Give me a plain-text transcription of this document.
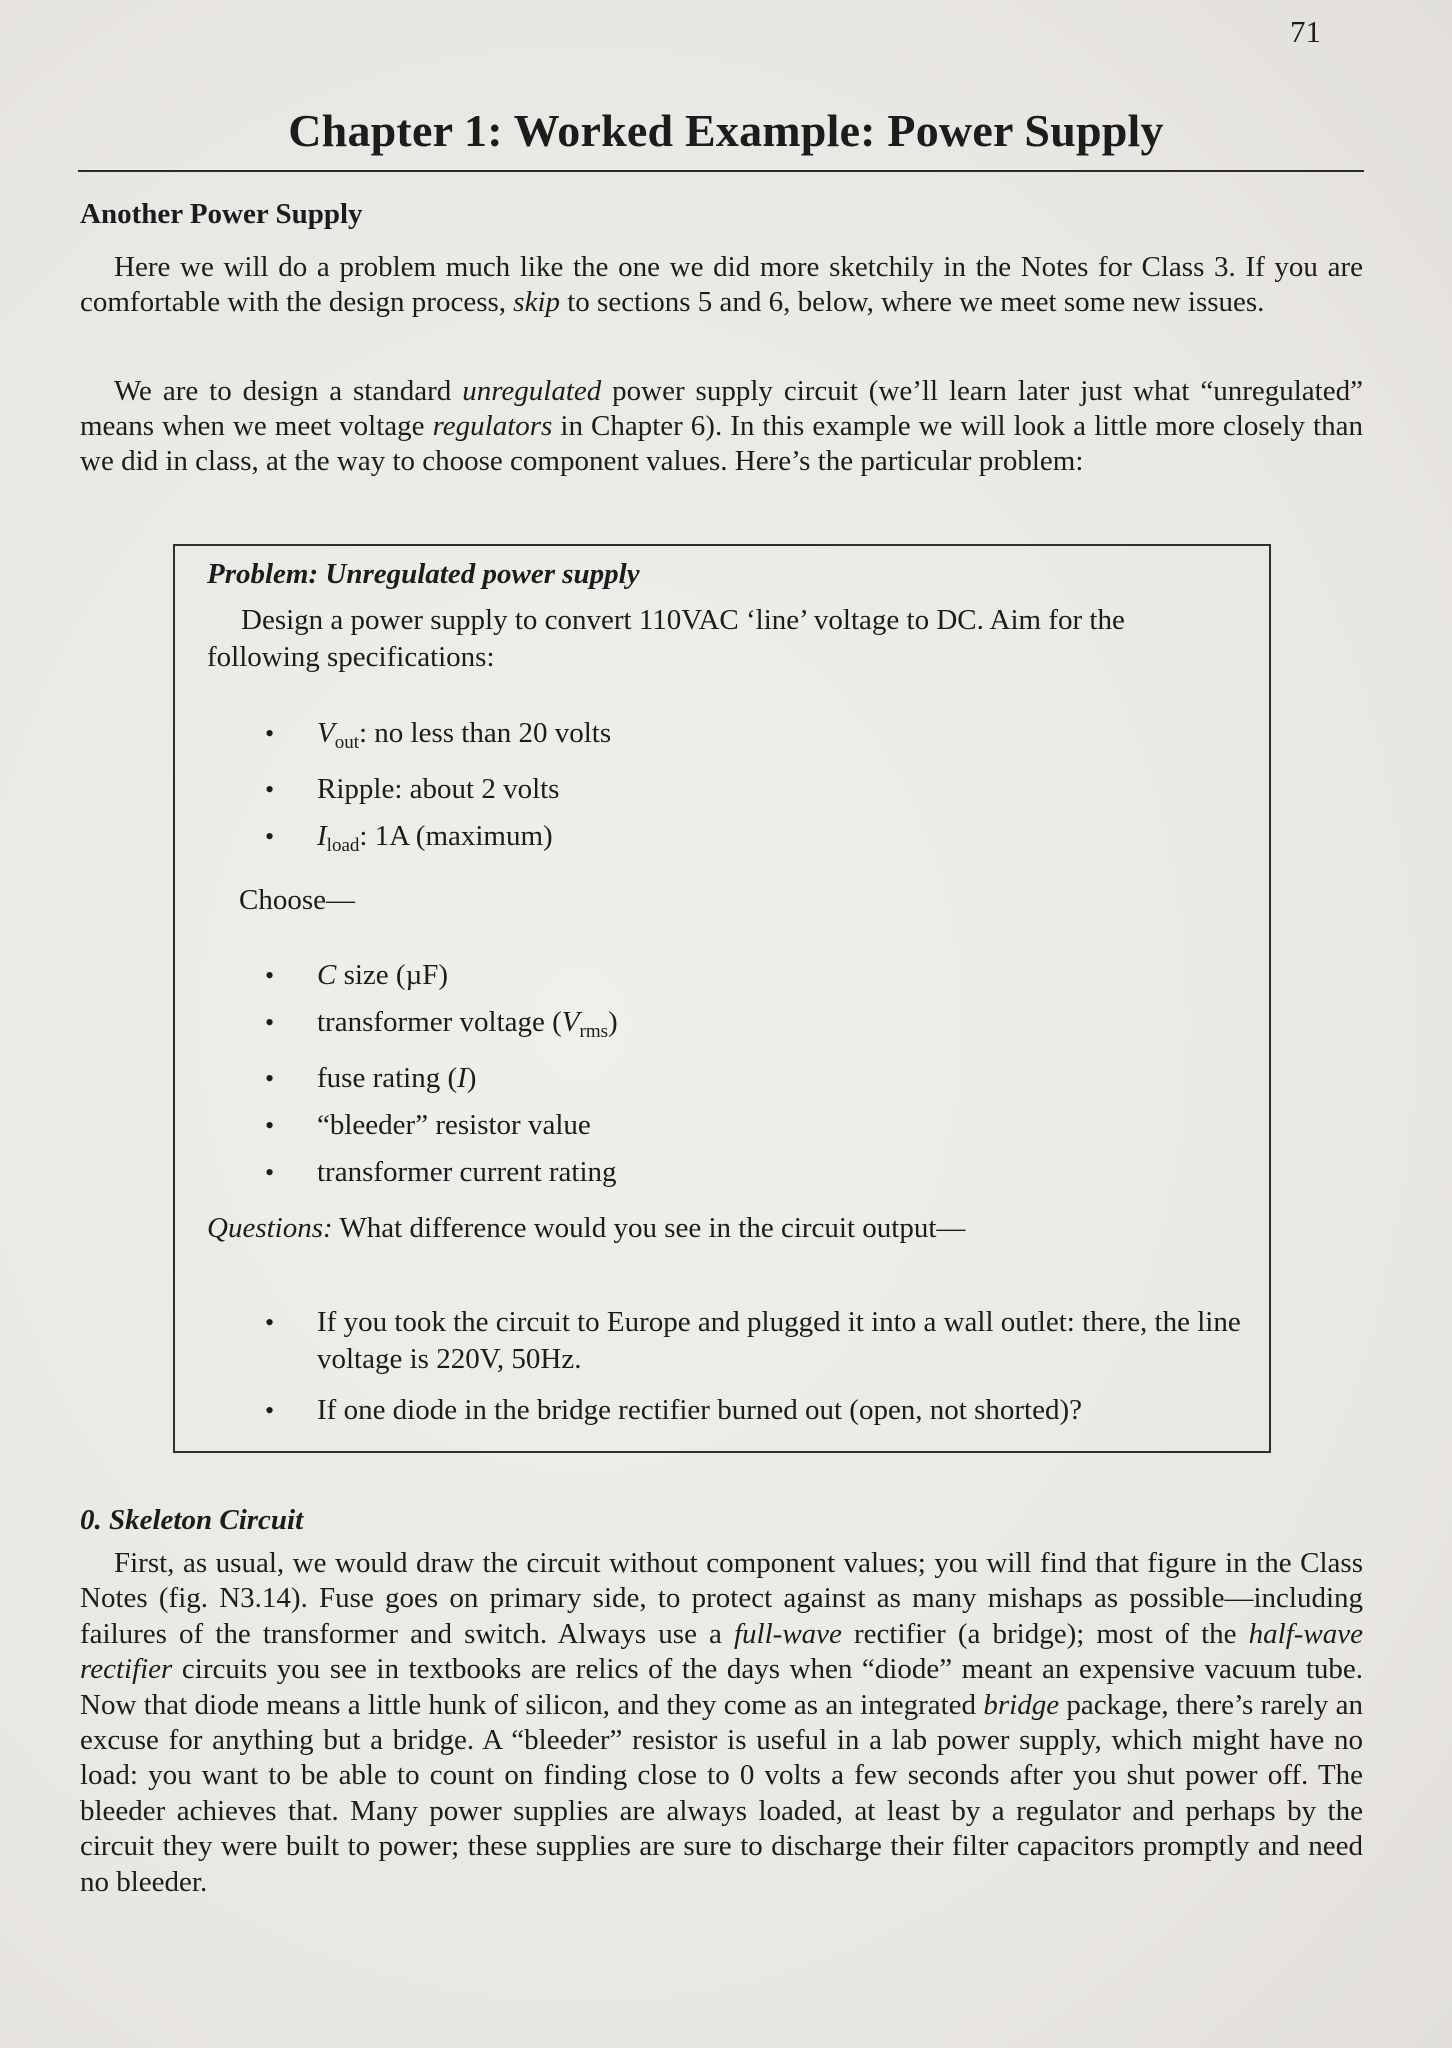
71
Chapter 1: Worked Example: Power Supply
Another Power Supply

Here we will do a problem much like the one we did more sketchily in the Notes for Class 3. If you are comfortable with the design process, skip to sections 5 and 6, below, where we meet some new issues.

We are to design a standard unregulated power supply circuit (we’ll learn later just what “unregulated” means when we meet voltage regulators in Chapter 6). In this example we will look a little more closely than we did in class, at the way to choose component values. Here’s the particular problem:

Problem: Unregulated power supply

Design a power supply to convert 110VAC ‘line’ voltage to DC. Aim for the following specifications:

• $V_{out}$: no less than 20 volts
• Ripple: about 2 volts
• $I_{load}$: 1A (maximum)

Choose—

• C size (µF)
• transformer voltage $(V_{rms})$
• fuse rating (I)
• “bleeder” resistor value
• transformer current rating

Questions: What difference would you see in the circuit output—

• If you took the circuit to Europe and plugged it into a wall outlet: there, the line voltage is 220V, 50Hz.
• If one diode in the bridge rectifier burned out (open, not shorted)?
0. Skeleton Circuit

First, as usual, we would draw the circuit without component values; you will find that figure in the Class Notes (fig. N3.14). Fuse goes on primary side, to protect against as many mishaps as possible—including failures of the transformer and switch. Always use a full-wave rectifier (a bridge); most of the half-wave rectifier circuits you see in textbooks are relics of the days when “diode” meant an expensive vacuum tube. Now that diode means a little hunk of silicon, and they come as an integrated bridge package, there’s rarely an excuse for anything but a bridge. A “bleeder” resistor is useful in a lab power supply, which might have no load: you want to be able to count on finding close to 0 volts a few seconds after you shut power off. The bleeder achieves that. Many power supplies are always loaded, at least by a regulator and perhaps by the circuit they were built to power; these supplies are sure to discharge their filter capacitors promptly and need no bleeder.
